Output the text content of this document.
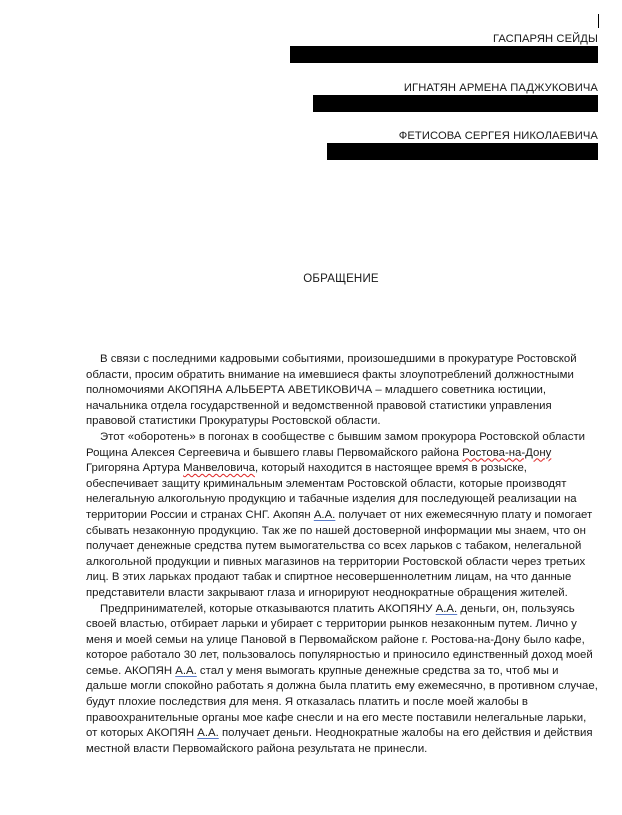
ГАСПАРЯН СЕЙДЫ
ИГНАТЯН АРМЕНА ПАДЖУКОВИЧА
ФЕТИСОВА СЕРГЕЯ НИКОЛАЕВИЧА
ОБРАЩЕНИЕ

В связи с последними кадровыми событиями, произошедшими в прокуратуре Ростовской области, просим обратить внимание на имевшиеся факты злоупотреблений должностными полномочиями АКОПЯНА АЛЬБЕРТА АВЕТИКОВИЧА – младшего советника юстиции, начальника отдела государственной и ведомственной правовой статистики управления правовой статистики Прокуратуры Ростовской области.

Этот «оборотень» в погонах в сообществе с бывшим замом прокурора Ростовской области Рощина Алексея Сергеевича и бывшего главы Первомайского района Ростова-на-Дону Григоряна Артура Манвеловича, который находится в настоящее время в розыске, обеспечивает защиту криминальным элементам Ростовской области, которые производят нелегальную алкогольную продукцию и табачные изделия для последующей реализации на территории России и странах СНГ. Акопян А.А. получает от них ежемесячную плату и помогает сбывать незаконную продукцию. Так же по нашей достоверной информации мы знаем, что он получает денежные средства путем вымогательства со всех ларьков с табаком, нелегальной алкогольной продукции и пивных магазинов на территории Ростовской области через третьих лиц. В этих ларьках продают табак и спиртное несовершеннолетним лицам, на что данные представители власти закрывают глаза и игнорируют неоднократные обращения жителей.

Предпринимателей, которые отказываются платить АКОПЯНУ А.А. деньги, он, пользуясь своей властью, отбирает ларьки и убирает с территории рынков незаконным путем. Лично у меня и моей семьи на улице Пановой в Первомайском районе г. Ростова-на-Дону было кафе, которое работало 30 лет, пользовалось популярностью и приносило единственный доход моей семье. АКОПЯН А.А. стал у меня вымогать крупные денежные средства за то, чтоб мы и дальше могли спокойно работать я должна была платить ему ежемесячно, в противном случае, будут плохие последствия для меня. Я отказалась платить и после моей жалобы в правоохранительные органы мое кафе снесли и на его месте поставили нелегальные ларьки, от которых АКОПЯН А.А. получает деньги. Неоднократные жалобы на его действия и действия местной власти Первомайского района результата не принесли.
